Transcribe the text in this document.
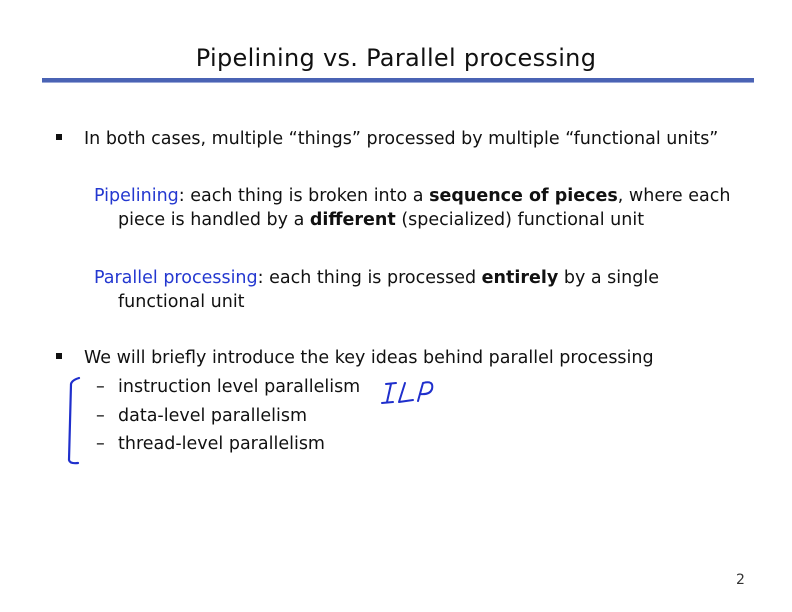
Pipelining vs. Parallel processing
In both cases, multiple “things” processed by multiple “functional units”
Pipelining: each thing is broken into a sequence of pieces, where each
piece is handled by a different (specialized) functional unit
Parallel processing: each thing is processed entirely by a single
functional unit
We will briefly introduce the key ideas behind parallel processing
– instruction level parallelism
– data-level parallelism
– thread-level parallelism
2
